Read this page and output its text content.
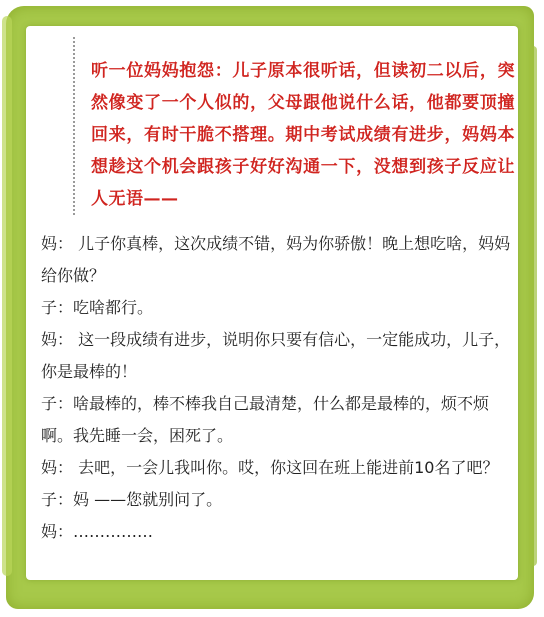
听一位妈妈抱怨：儿子原本很听话，但读初二以后，突然像变了一个人似的，父母跟他说什么话，他都要顶撞回来，有时干脆不搭理。期中考试成绩有进步，妈妈本想趁这个机会跟孩子好好沟通一下，没想到孩子反应让人无语——

妈： 儿子你真棒，这次成绩不错，妈为你骄傲！晚上想吃啥，妈妈给你做？

子：吃啥都行。

妈： 这一段成绩有进步，说明你只要有信心，一定能成功，儿子，你是最棒的！

子：啥最棒的，棒不棒我自己最清楚，什么都是最棒的，烦不烦啊。我先睡一会，困死了。

妈： 去吧，一会儿我叫你。哎，你这回在班上能进前10名了吧？

子：妈 ——您就别问了。

妈：……………
